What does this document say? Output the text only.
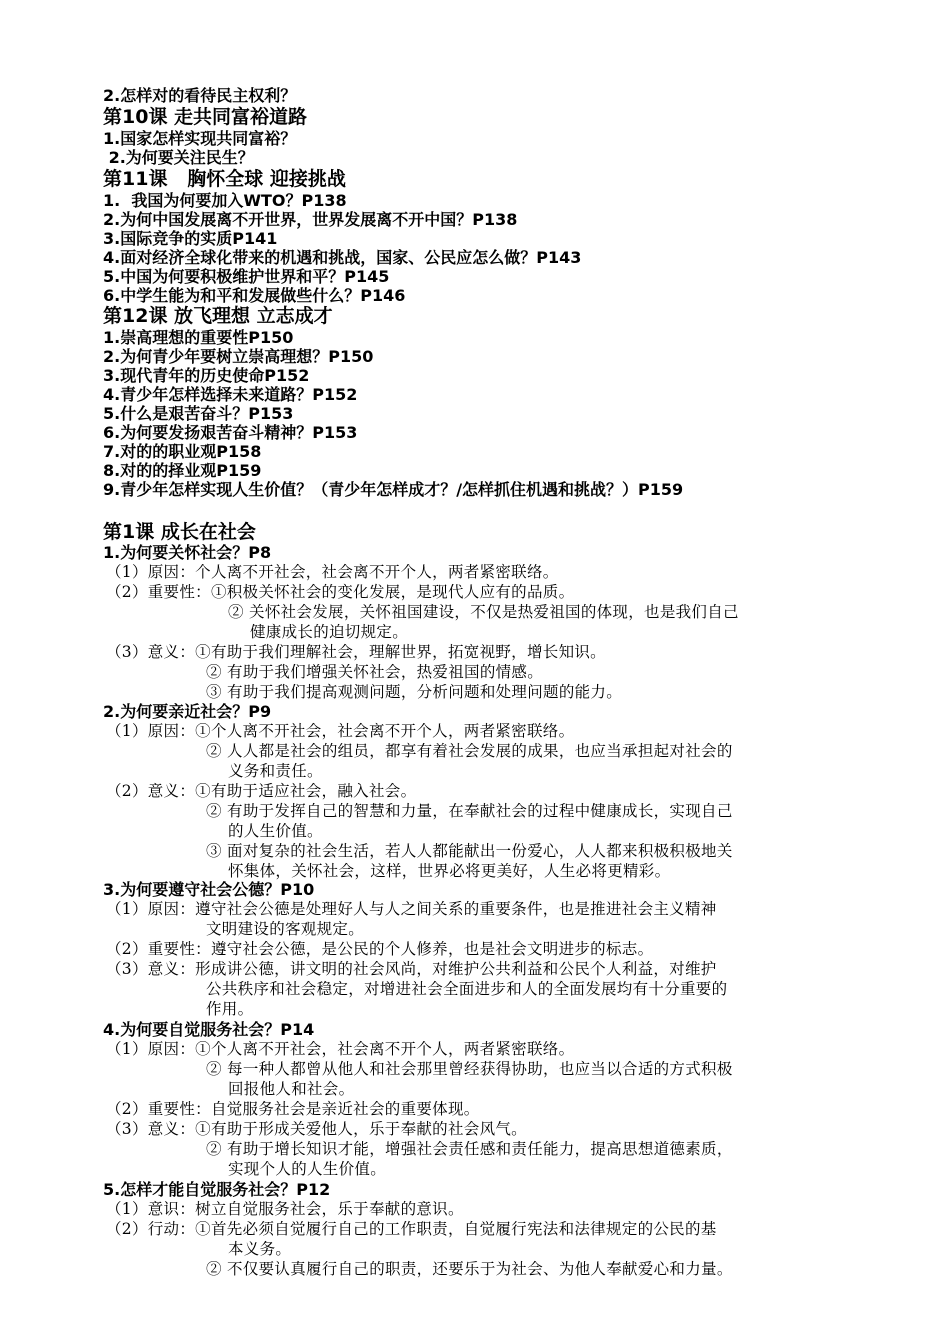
2.怎样对的看待民主权利？
第10课 走共同富裕道路
1.国家怎样实现共同富裕？
2.为何要关注民生？
第11课   胸怀全球 迎接挑战
1.  我国为何要加入WTO？P138
2.为何中国发展离不开世界，世界发展离不开中国？P138
3.国际竞争的实质P141
4.面对经济全球化带来的机遇和挑战，国家、公民应怎么做？P143
5.中国为何要积极维护世界和平？P145
6.中学生能为和平和发展做些什么？P146
第12课 放飞理想 立志成才
1.崇高理想的重要性P150
2.为何青少年要树立崇高理想？P150
3.现代青年的历史使命P152
4.青少年怎样选择未来道路？P152
5.什么是艰苦奋斗？P153
6.为何要发扬艰苦奋斗精神？P153
7.对的的职业观P158
8.对的的择业观P159
9.青少年怎样实现人生价值？（青少年怎样成才？/怎样抓住机遇和挑战？）P159
第1课 成长在社会
1.为何要关怀社会？P8
（1）原因：个人离不开社会，社会离不开个人，两者紧密联络。
（2）重要性：①积极关怀社会的变化发展，是现代人应有的品质。
② 关怀社会发展，关怀祖国建设，不仅是热爱祖国的体现，也是我们自己
健康成长的迫切规定。
（3）意义：①有助于我们理解社会，理解世界，拓宽视野，增长知识。
② 有助于我们增强关怀社会，热爱祖国的情感。
③ 有助于我们提高观测问题，分析问题和处理问题的能力。
2.为何要亲近社会？P9
（1）原因：①个人离不开社会，社会离不开个人，两者紧密联络。
② 人人都是社会的组员，都享有着社会发展的成果，也应当承担起对社会的
义务和责任。
（2）意义：①有助于适应社会，融入社会。
② 有助于发挥自己的智慧和力量，在奉献社会的过程中健康成长，实现自己
的人生价值。
③ 面对复杂的社会生活，若人人都能献出一份爱心，人人都来积极积极地关
怀集体，关怀社会，这样，世界必将更美好，人生必将更精彩。
3.为何要遵守社会公德？P10
（1）原因：遵守社会公德是处理好人与人之间关系的重要条件，也是推进社会主义精神
文明建设的客观规定。
（2）重要性：遵守社会公德，是公民的个人修养，也是社会文明进步的标志。
（3）意义：形成讲公德，讲文明的社会风尚，对维护公共利益和公民个人利益，对维护
公共秩序和社会稳定，对增进社会全面进步和人的全面发展均有十分重要的
作用。
4.为何要自觉服务社会？P14
（1）原因：①个人离不开社会，社会离不开个人，两者紧密联络。
② 每一种人都曾从他人和社会那里曾经获得协助，也应当以合适的方式积极
回报他人和社会。
（2）重要性：自觉服务社会是亲近社会的重要体现。
（3）意义：①有助于形成关爱他人，乐于奉献的社会风气。
② 有助于增长知识才能，增强社会责任感和责任能力，提高思想道德素质，
实现个人的人生价值。
5.怎样才能自觉服务社会？P12
（1）意识：树立自觉服务社会，乐于奉献的意识。
（2）行动：①首先必须自觉履行自己的工作职责，自觉履行宪法和法律规定的公民的基
本义务。
② 不仅要认真履行自己的职责，还要乐于为社会、为他人奉献爱心和力量。
